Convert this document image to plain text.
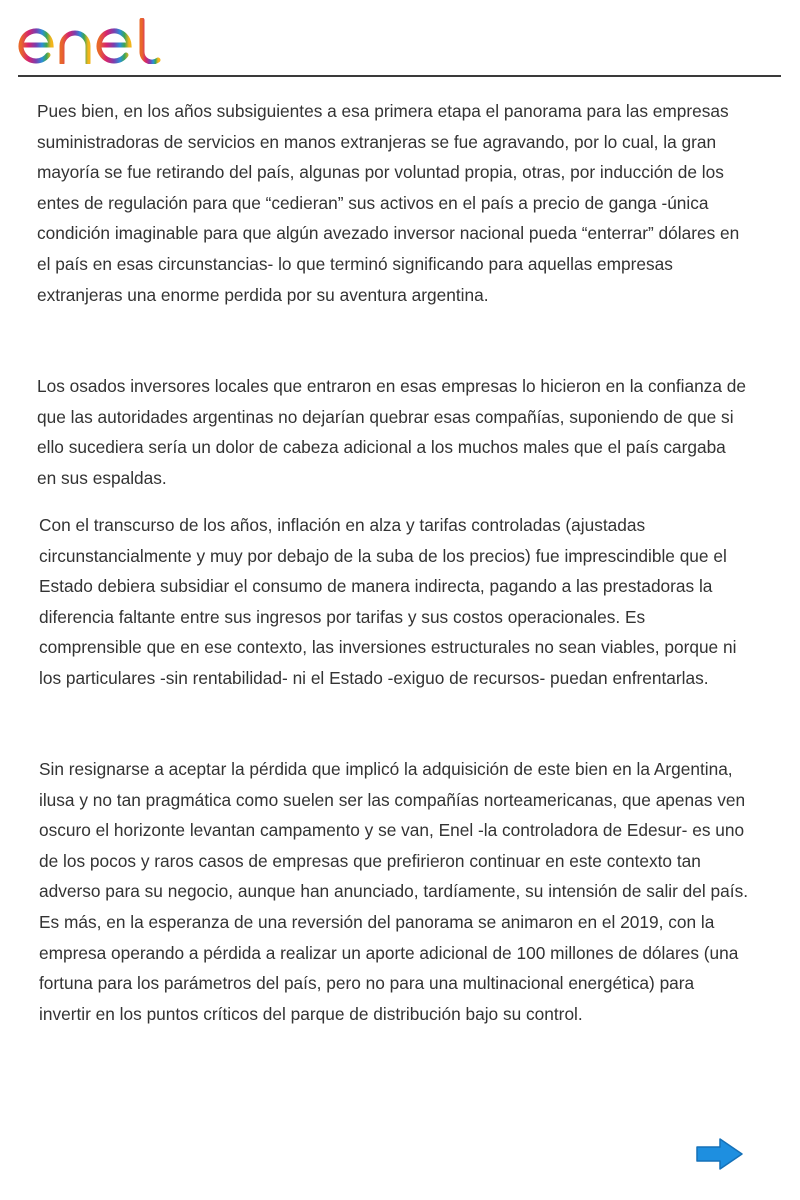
Pues bien, en los años subsiguientes a esa primera etapa el panorama para las empresas suministradoras de servicios en manos extranjeras se fue agravando, por lo cual, la gran mayoría se fue retirando del país, algunas por voluntad propia, otras, por inducción de los entes de regulación para que “cedieran” sus activos en el país a precio de ganga -única condición imaginable para que algún avezado inversor nacional pueda “enterrar” dólares en el país en esas circunstancias- lo que terminó significando para aquellas empresas extranjeras una enorme perdida por su aventura argentina.

Los osados inversores locales que entraron en esas empresas lo hicieron en la confianza de que las autoridades argentinas no dejarían quebrar esas compañías, suponiendo de que si ello sucediera sería un dolor de cabeza adicional a los muchos males que el país cargaba en sus espaldas.

Con el transcurso de los años, inflación en alza y tarifas controladas (ajustadas circunstancialmente y muy por debajo de la suba de los precios) fue imprescindible que el Estado debiera subsidiar el consumo de manera indirecta, pagando a las prestadoras la diferencia faltante entre sus ingresos por tarifas y sus costos operacionales. Es comprensible que en ese contexto, las inversiones estructurales no sean viables, porque ni los particulares -sin rentabilidad- ni el Estado -exiguo de recursos- puedan enfrentarlas.

Sin resignarse a aceptar la pérdida que implicó la adquisición de este bien en la Argentina, ilusa y no tan pragmática como suelen ser las compañías norteamericanas, que apenas ven oscuro el horizonte levantan campamento y se van, Enel -la controladora de Edesur- es uno de los pocos y raros casos de empresas que prefirieron continuar en este contexto tan adverso para su negocio, aunque han anunciado, tardíamente, su intensión de salir del país. Es más, en la esperanza de una reversión del panorama se animaron en el 2019, con la empresa operando a pérdida a realizar un aporte adicional de 100 millones de dólares (una fortuna para los parámetros del país, pero no para una multinacional energética) para invertir en los puntos críticos del parque de distribución bajo su control.
